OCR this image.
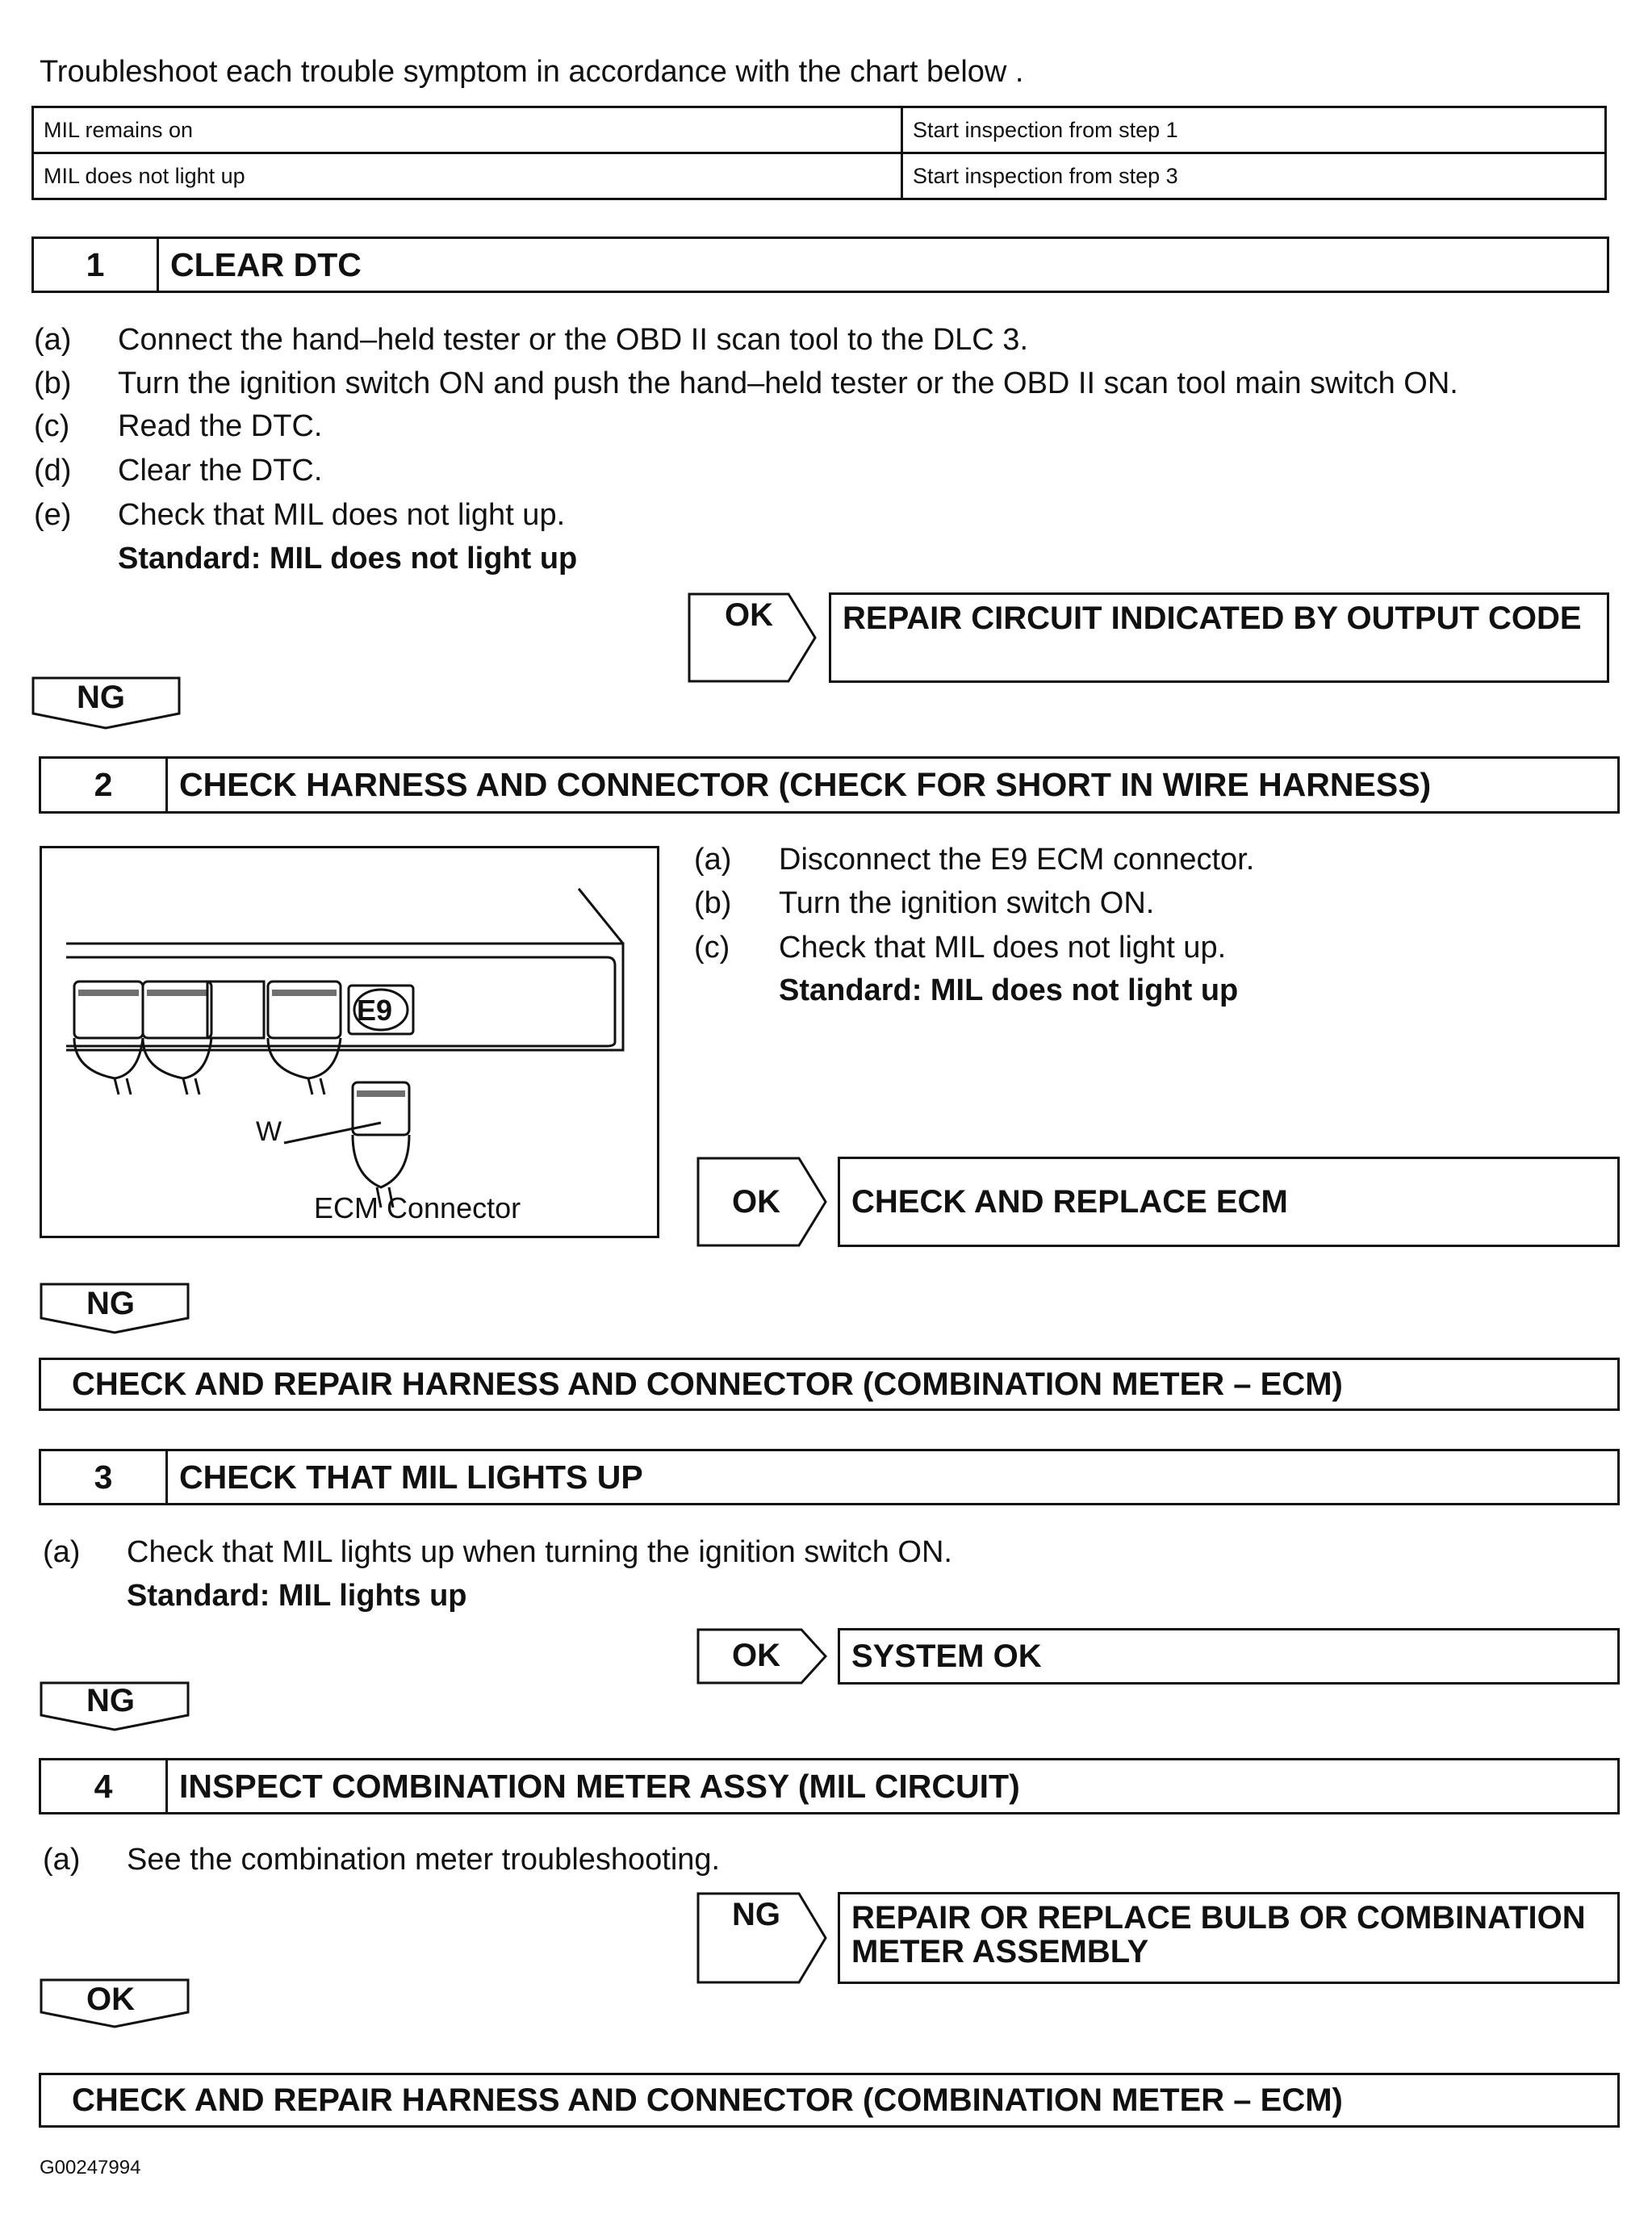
Troubleshoot each trouble symptom in accordance with the chart below .
MIL remains on	Start inspection from step 1
MIL does not light up	Start inspection from step 3
1	CLEAR DTC
(a) Connect the hand–held tester or the OBD II scan tool to the DLC 3.
(b) Turn the ignition switch ON and push the hand–held tester or the OBD II scan tool main switch ON.
(c) Read the DTC.
(d) Clear the DTC.
(e) Check that MIL does not light up.
Standard: MIL does not light up
OK	REPAIR CIRCUIT INDICATED BY OUTPUT CODE
NG
2	CHECK HARNESS AND CONNECTOR (CHECK FOR SHORT IN WIRE HARNESS)
E9
W
ECM Connector
(a) Disconnect the E9 ECM connector.
(b) Turn the ignition switch ON.
(c) Check that MIL does not light up.
Standard: MIL does not light up
OK	CHECK AND REPLACE ECM
NG
CHECK AND REPAIR HARNESS AND CONNECTOR (COMBINATION METER – ECM)
3	CHECK THAT MIL LIGHTS UP
(a) Check that MIL lights up when turning the ignition switch ON.
Standard: MIL lights up
OK	SYSTEM OK
NG
4	INSPECT COMBINATION METER ASSY (MIL CIRCUIT)
(a) See the combination meter troubleshooting.
NG	REPAIR OR REPLACE BULB OR COMBINATION METER ASSEMBLY
OK
CHECK AND REPAIR HARNESS AND CONNECTOR (COMBINATION METER – ECM)
G00247994
